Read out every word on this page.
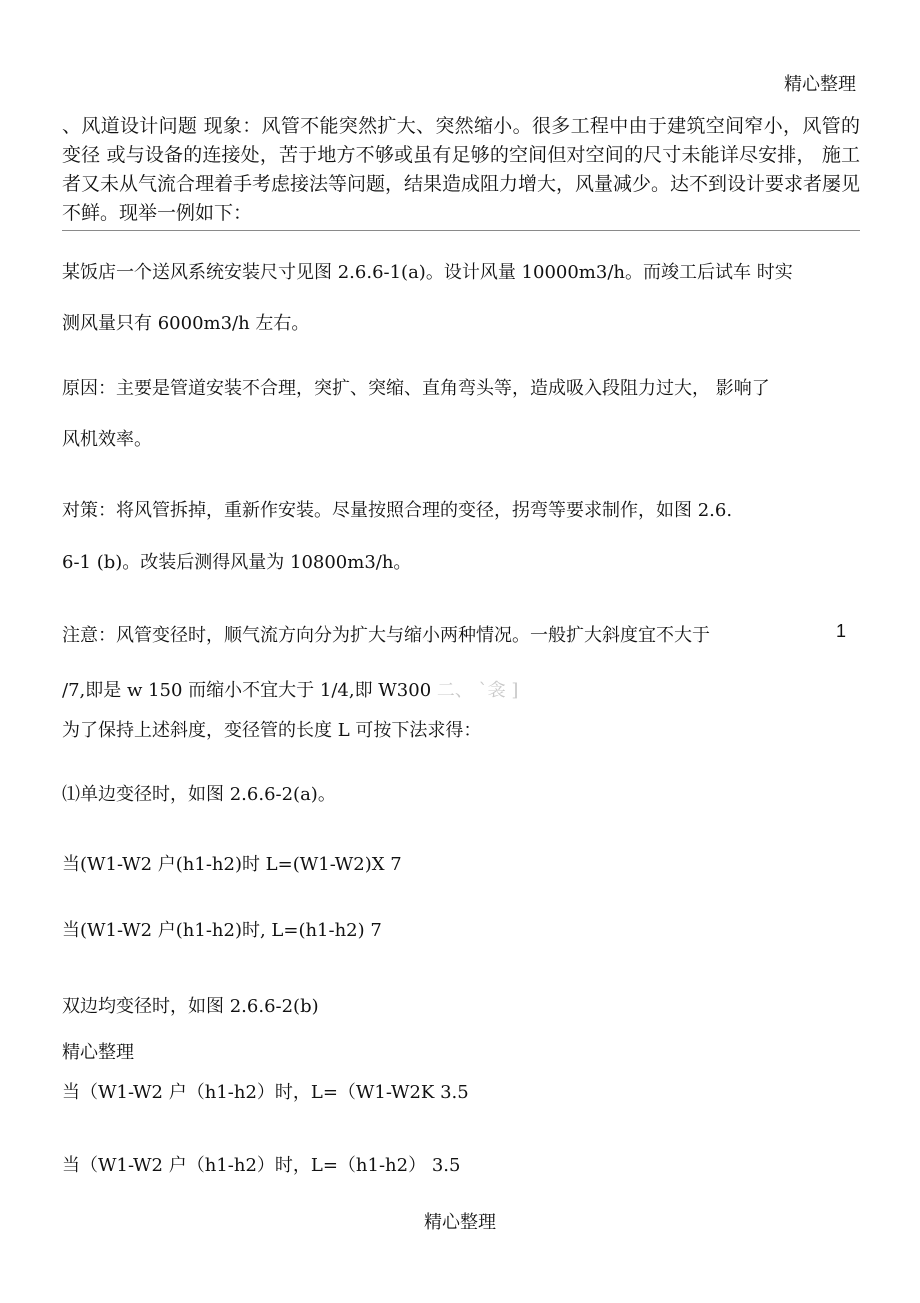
精心整理
、风道设计问题 现象：风管不能突然扩大、突然缩小。很多工程中由于建筑空间窄小，风管的变径 或与设备的连接处，苦于地方不够或虽有足够的空间但对空间的尺寸未能详尽安排， 施工者又未从气流合理着手考虑接法等问题，结果造成阻力增大，风量减少。达不到设计要求者屡见不鲜。现举一例如下：
某饭店一个送风系统安装尺寸见图 2.6.6-1(a)。设计风量 10000m3/h。而竣工后试车 时实
测风量只有 6000m3/h 左右。
原因：主要是管道安装不合理，突扩、突缩、直角弯头等，造成吸入段阻力过大， 影响了
风机效率。
对策：将风管拆掉，重新作安装。尽量按照合理的变径，拐弯等要求制作，如图 2.6.
6-1 (b)。改装后测得风量为 10800m3/h。
注意：风管变径时，顺气流方向分为扩大与缩小两种情况。一般扩大斜度宜不大于	1
/7,即是 w 150 而缩小不宜大于 1/4,即 W300 二、 `衾 ]
为了保持上述斜度，变径管的长度 L 可按下法求得：
⑴单边变径时，如图 2.6.6-2(a)。
当(W1-W2 户(h1-h2)时 L=(W1-W2)X 7
当(W1-W2 户(h1-h2)时, L=(h1-h2) 7
双边均变径时，如图 2.6.6-2(b)
精心整理
当（W1-W2 户（h1-h2）时，L=（W1-W2K 3.5
当（W1-W2 户（h1-h2）时，L=（h1-h2） 3.5
精心整理
